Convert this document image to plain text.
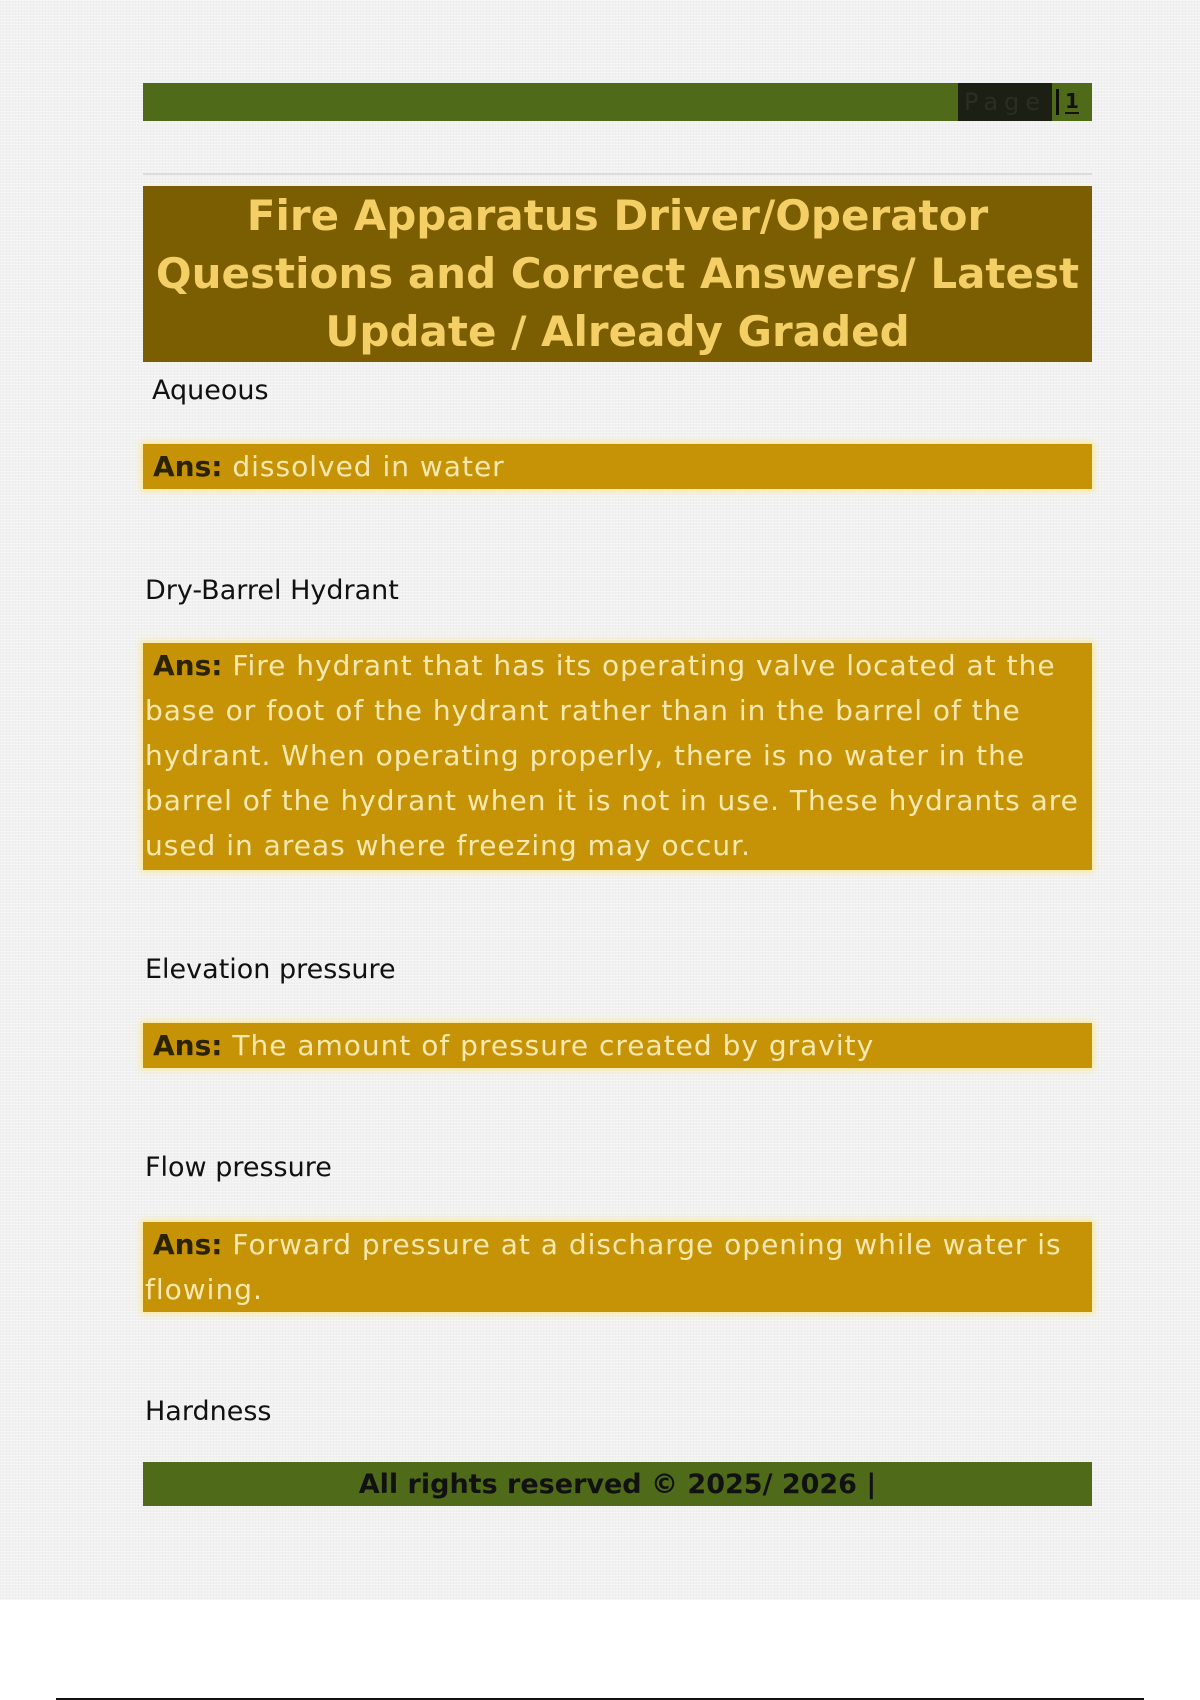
Page 1
Fire Apparatus Driver/Operator Questions and Correct Answers/ Latest Update / Already Graded
Aqueous
Ans: dissolved in water
Dry-Barrel Hydrant
Ans: Fire hydrant that has its operating valve located at the base or foot of the hydrant rather than in the barrel of the hydrant. When operating properly, there is no water in the barrel of the hydrant when it is not in use. These hydrants are used in areas where freezing may occur.
Elevation pressure
Ans: The amount of pressure created by gravity
Flow pressure
Ans: Forward pressure at a discharge opening while water is flowing.
Hardness
All rights reserved © 2025/ 2026 |
